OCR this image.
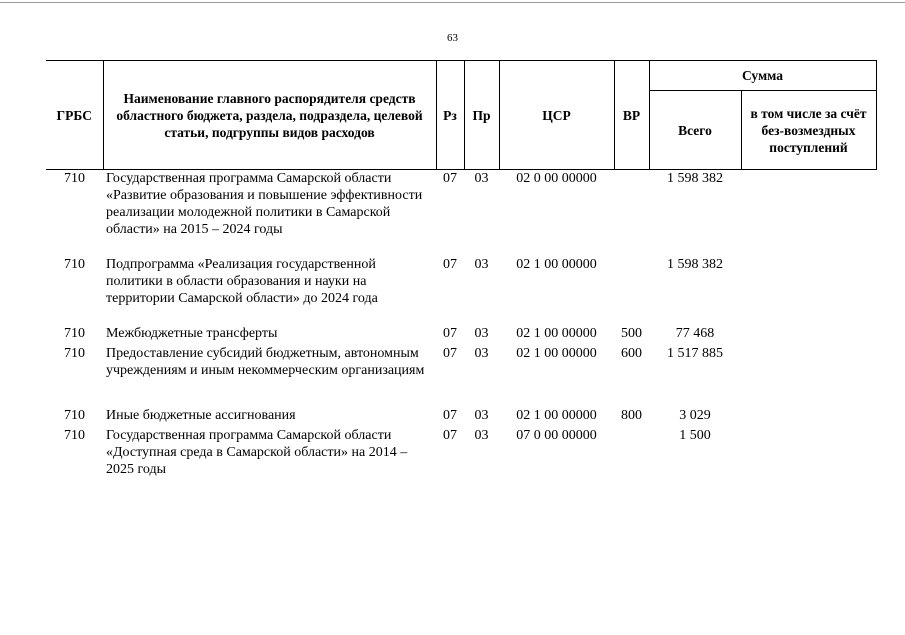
63
ГРБС	Наименование главного распорядителя средств областного бюджета, раздела, подраздела, целевой статьи, подгруппы видов расходов	Рз	Пр	ЦСР	ВР	Сумма	
						Всего	в том числе за счёт без-возмездных поступлений
710	Государственная программа Самарской области «Развитие образования и повышение эффективности реализации молодежной политики в Самарской области» на 2015 – 2024 годы	07	03	02 0 00 00000		1 598 382	
710	Подпрограмма «Реализация государственной политики в области образования и науки на территории Самарской области» до 2024 года	07	03	02 1 00 00000		1 598 382	
710	Межбюджетные трансферты	07	03	02 1 00 00000	500	77 468	
710	Предоставление субсидий бюджетным, автономным учреждениям и иным некоммерческим организациям	07	03	02 1 00 00000	600	1 517 885	
710	Иные бюджетные ассигнования	07	03	02 1 00 00000	800	3 029	
710	Государственная программа Самарской области «Доступная среда в Самарской области» на 2014 – 2025 годы	07	03	07 0 00 00000		1 500	
